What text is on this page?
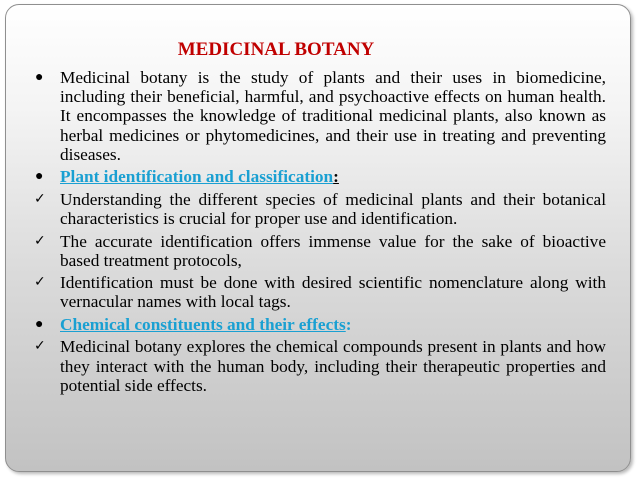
MEDICINAL BOTANY
● Medicinal botany is the study of plants and their uses in biomedicine, including their beneficial, harmful, and psychoactive effects on human health. It encompasses the knowledge of traditional medicinal plants, also known as herbal medicines or phytomedicines, and their use in treating and preventing diseases.
● Plant identification and classification:
✓ Understanding the different species of medicinal plants and their botanical characteristics is crucial for proper use and identification.
✓ The accurate identification offers immense value for the sake of bioactive based treatment protocols,
✓ Identification must be done with desired scientific nomenclature along with vernacular names with local tags.
● Chemical constituents and their effects:
✓ Medicinal botany explores the chemical compounds present in plants and how they interact with the human body, including their therapeutic properties and potential side effects.
